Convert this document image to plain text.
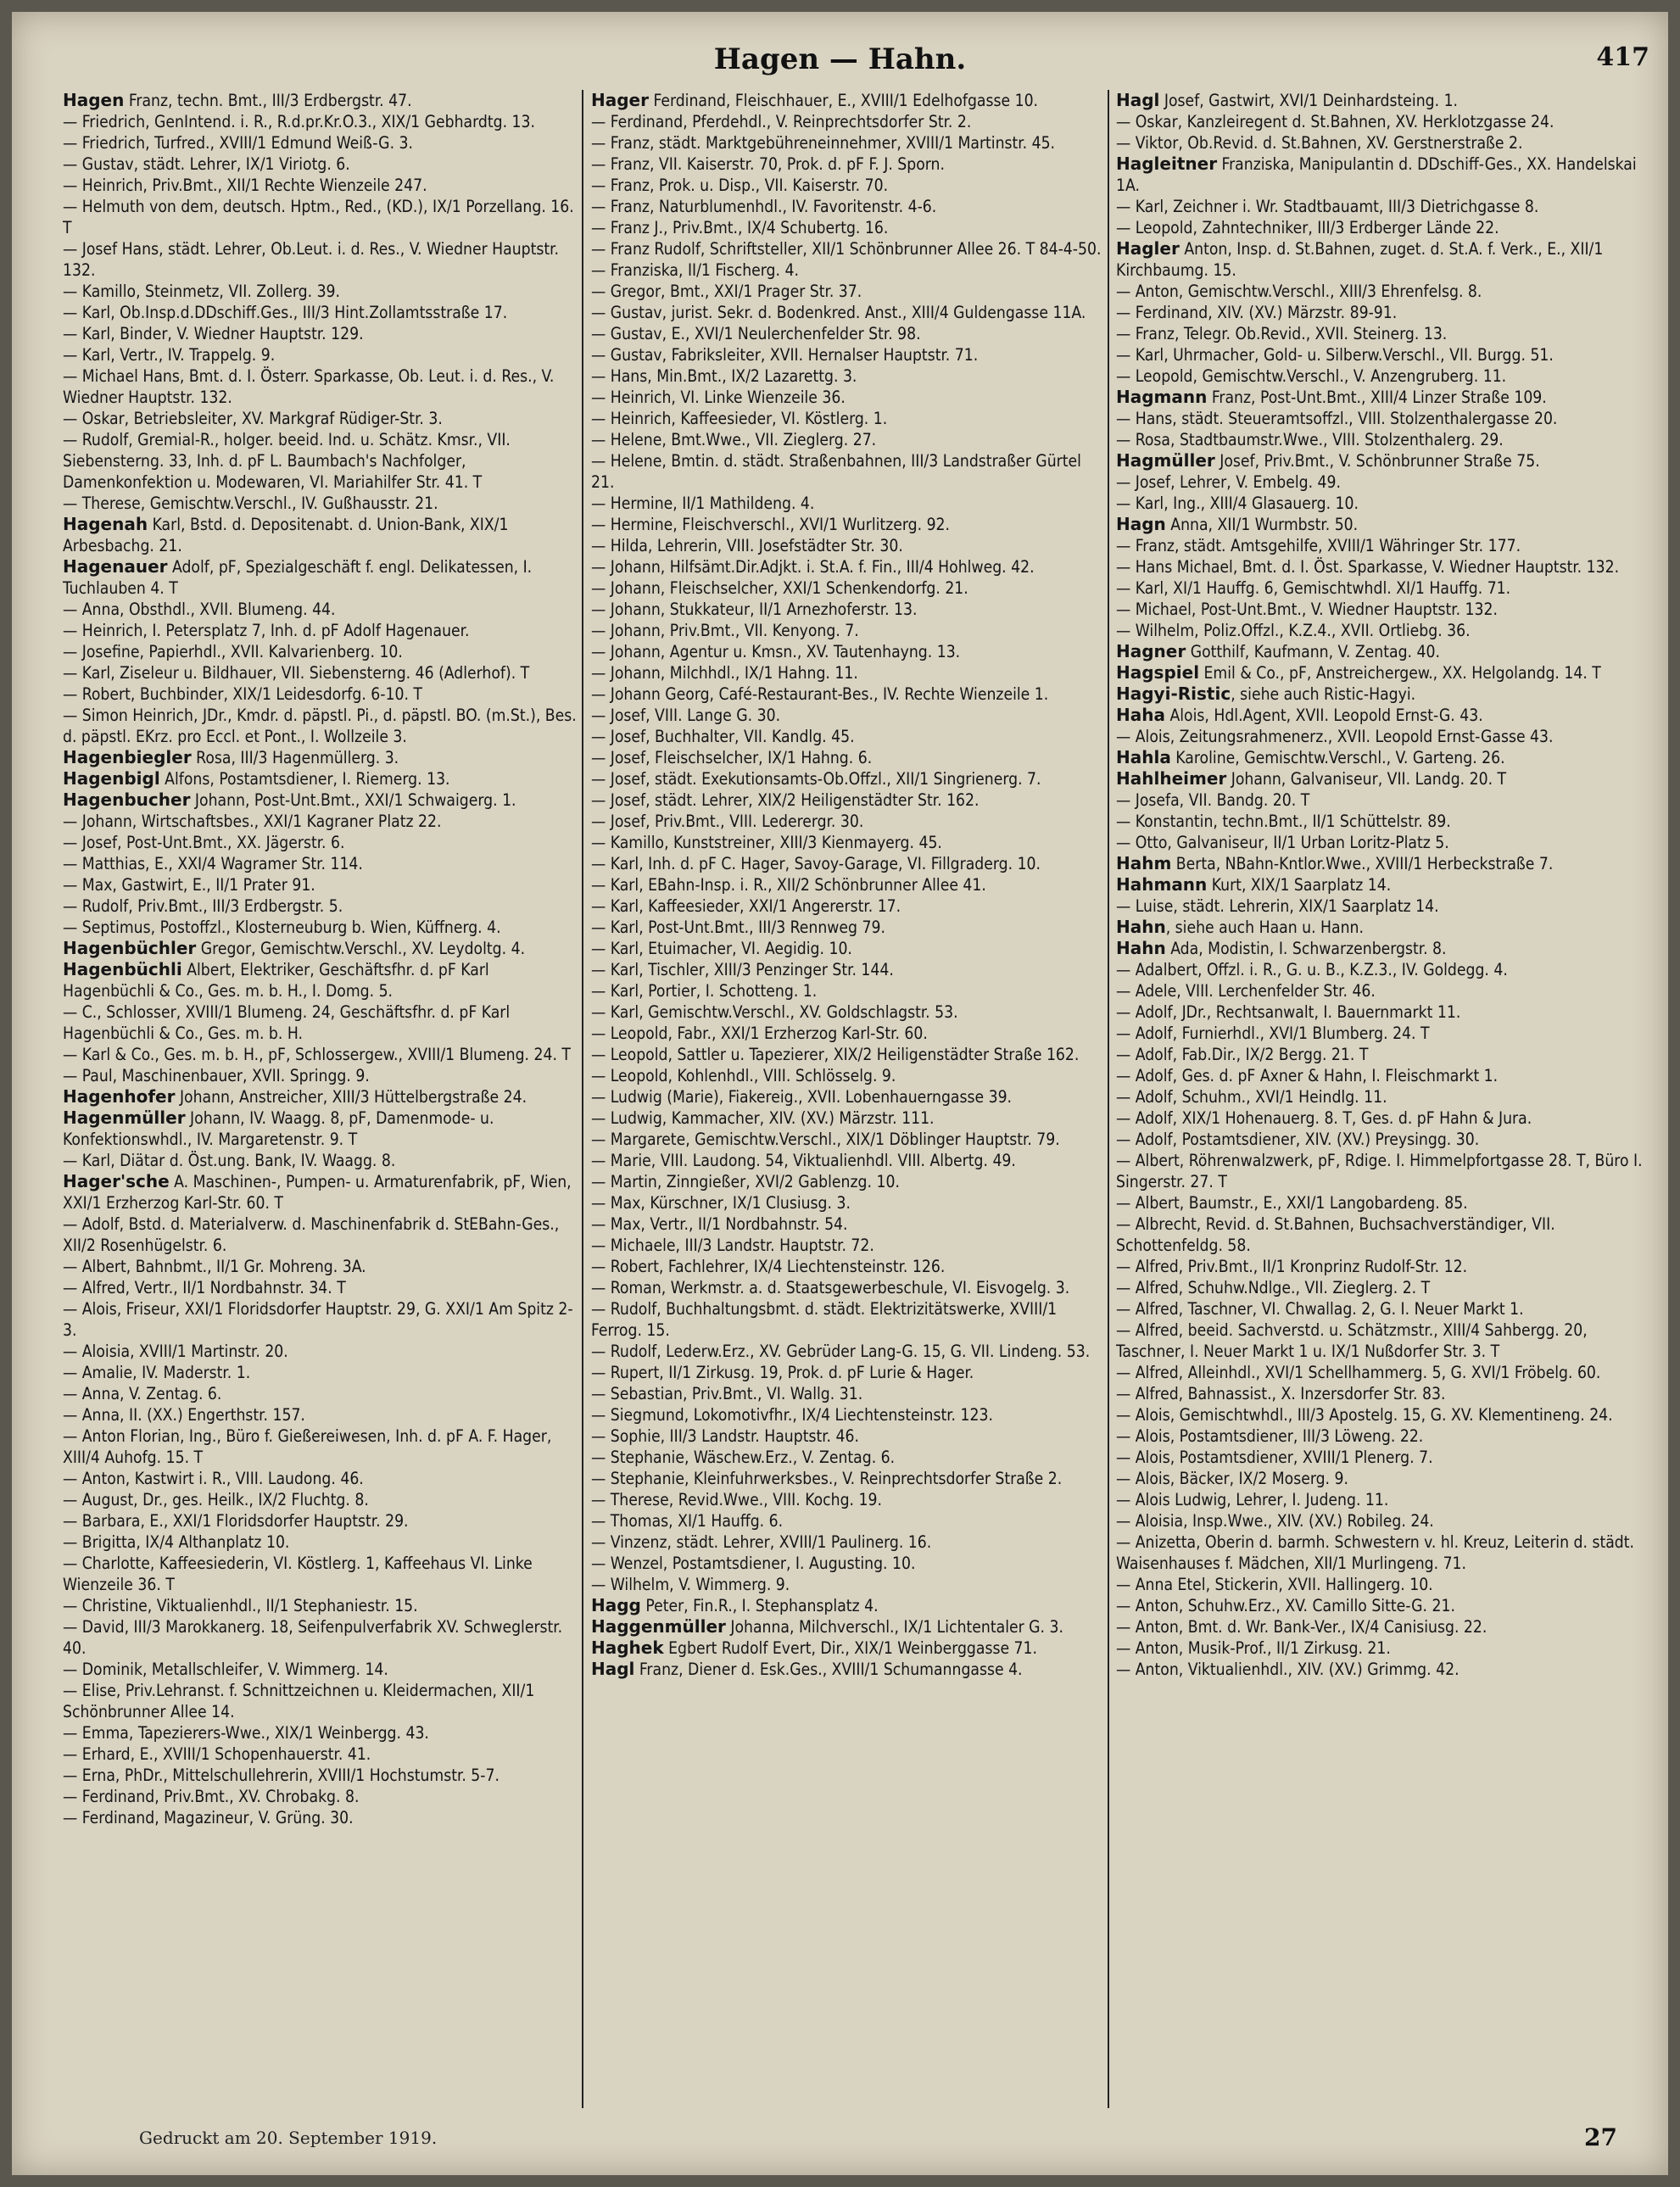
Hagen — Hahn.	417
Hagen Franz, techn. Bmt., III/3 Erdbergstr. 47.
— Friedrich, GenIntend. i. R., R.d.pr.Kr.O.3., XIX/1 Gebhardtg. 13.
— Friedrich, Turfred., XVIII/1 Edmund Weiß-G. 3.
— Gustav, städt. Lehrer, IX/1 Viriotg. 6.
— Heinrich, Priv.Bmt., XII/1 Rechte Wienzeile 247.
— Helmuth von dem, deutsch. Hptm., Red., (KD.), IX/1 Porzellang. 16. T
— Josef Hans, städt. Lehrer, Ob.Leut. i. d. Res., V. Wiedner Hauptstr. 132.
— Kamillo, Steinmetz, VII. Zollerg. 39.
— Karl, Ob.Insp.d.DDschiff.Ges., III/3 Hint.Zollamtsstraße 17.
— Karl, Binder, V. Wiedner Hauptstr. 129.
— Karl, Vertr., IV. Trappelg. 9.
— Michael Hans, Bmt. d. I. Österr. Sparkasse, Ob. Leut. i. d. Res., V. Wiedner Hauptstr. 132.
— Oskar, Betriebsleiter, XV. Markgraf Rüdiger-Str. 3.
— Rudolf, Gremial-R., holger. beeid. Ind. u. Schätz. Kmsr., VII. Siebensterng. 33, Inh. d. pF L. Baumbach's Nachfolger, Damenkonfektion u. Modewaren, VI. Mariahilfer Str. 41. T
— Therese, Gemischtw.Verschl., IV. Gußhausstr. 21.
Hagenah Karl, Bstd. d. Depositenabt. d. Union-Bank, XIX/1 Arbesbachg. 21.
Hagenauer Adolf, pF, Spezialgeschäft f. engl. Delikatessen, I. Tuchlauben 4. T
— Anna, Obsthdl., XVII. Blumeng. 44.
— Heinrich, I. Petersplatz 7, Inh. d. pF Adolf Hagenauer.
— Josefine, Papierhdl., XVII. Kalvarienberg. 10.
— Karl, Ziseleur u. Bildhauer, VII. Siebensterng. 46 (Adlerhof). T
— Robert, Buchbinder, XIX/1 Leidesdorfg. 6-10. T
— Simon Heinrich, JDr., Kmdr. d. päpstl. Pi., d. päpstl. BO. (m.St.), Bes. d. päpstl. EKrz. pro Eccl. et Pont., I. Wollzeile 3.
Hagenbiegler Rosa, III/3 Hagenmüllerg. 3.
Hagenbigl Alfons, Postamtsdiener, I. Riemerg. 13.
Hagenbucher Johann, Post-Unt.Bmt., XXI/1 Schwaigerg. 1.
— Johann, Wirtschaftsbes., XXI/1 Kagraner Platz 22.
— Josef, Post-Unt.Bmt., XX. Jägerstr. 6.
— Matthias, E., XXI/4 Wagramer Str. 114.
— Max, Gastwirt, E., II/1 Prater 91.
— Rudolf, Priv.Bmt., III/3 Erdbergstr. 5.
— Septimus, Postoffzl., Klosterneuburg b. Wien, Küffnerg. 4.
Hagenbüchler Gregor, Gemischtw.Verschl., XV. Leydoltg. 4.
Hagenbüchli Albert, Elektriker, Geschäftsfhr. d. pF Karl Hagenbüchli & Co., Ges. m. b. H., I. Domg. 5.
— C., Schlosser, XVIII/1 Blumeng. 24, Geschäftsfhr. d. pF Karl Hagenbüchli & Co., Ges. m. b. H.
— Karl & Co., Ges. m. b. H., pF, Schlossergew., XVIII/1 Blumeng. 24. T
— Paul, Maschinenbauer, XVII. Springg. 9.
Hagenhofer Johann, Anstreicher, XIII/3 Hüttelbergstraße 24.
Hagenmüller Johann, IV. Waagg. 8, pF, Damenmode- u. Konfektionswhdl., IV. Margaretenstr. 9. T
— Karl, Diätar d. Öst.ung. Bank, IV. Waagg. 8.
Hager'sche A. Maschinen-, Pumpen- u. Armaturenfabrik, pF, Wien, XXI/1 Erzherzog Karl-Str. 60. T
— Adolf, Bstd. d. Materialverw. d. Maschinenfabrik d. StEBahn-Ges., XII/2 Rosenhügelstr. 6.
— Albert, Bahnbmt., II/1 Gr. Mohreng. 3A.
— Alfred, Vertr., II/1 Nordbahnstr. 34. T
— Alois, Friseur, XXI/1 Floridsdorfer Hauptstr. 29, G. XXI/1 Am Spitz 2-3.
— Aloisia, XVIII/1 Martinstr. 20.
— Amalie, IV. Maderstr. 1.
— Anna, V. Zentag. 6.
— Anna, II. (XX.) Engerthstr. 157.
— Anton Florian, Ing., Büro f. Gießereiwesen, Inh. d. pF A. F. Hager, XIII/4 Auhofg. 15. T
— Anton, Kastwirt i. R., VIII. Laudong. 46.
— August, Dr., ges. Heilk., IX/2 Fluchtg. 8.
— Barbara, E., XXI/1 Floridsdorfer Hauptstr. 29.
— Brigitta, IX/4 Althanplatz 10.
— Charlotte, Kaffeesiederin, VI. Köstlerg. 1, Kaffeehaus VI. Linke Wienzeile 36. T
— Christine, Viktualienhdl., II/1 Stephaniestr. 15.
— David, III/3 Marokkanerg. 18, Seifenpulverfabrik XV. Schweglerstr. 40.
— Dominik, Metallschleifer, V. Wimmerg. 14.
— Elise, Priv.Lehranst. f. Schnittzeichnen u. Kleidermachen, XII/1 Schönbrunner Allee 14.
— Emma, Tapezierers-Wwe., XIX/1 Weinbergg. 43.
— Erhard, E., XVIII/1 Schopenhauerstr. 41.
— Erna, PhDr., Mittelschullehrerin, XVIII/1 Hochstumstr. 5-7.
— Ferdinand, Priv.Bmt., XV. Chrobakg. 8.
— Ferdinand, Magazineur, V. Grüng. 30.
Hager Ferdinand, Fleischhauer, E., XVIII/1 Edelhofgasse 10.
— Ferdinand, Pferdehdl., V. Reinprechtsdorfer Str. 2.
— Franz, städt. Marktgebühreneinnehmer, XVIII/1 Martinstr. 45.
— Franz, VII. Kaiserstr. 70, Prok. d. pF F. J. Sporn.
— Franz, Prok. u. Disp., VII. Kaiserstr. 70.
— Franz, Naturblumenhdl., IV. Favoritenstr. 4-6.
— Franz J., Priv.Bmt., IX/4 Schubertg. 16.
— Franz Rudolf, Schriftsteller, XII/1 Schönbrunner Allee 26. T 84-4-50.
— Franziska, II/1 Fischerg. 4.
— Gregor, Bmt., XXI/1 Prager Str. 37.
— Gustav, jurist. Sekr. d. Bodenkred. Anst., XIII/4 Guldengasse 11A.
— Gustav, E., XVI/1 Neulerchenfelder Str. 98.
— Gustav, Fabriksleiter, XVII. Hernalser Hauptstr. 71.
— Hans, Min.Bmt., IX/2 Lazarettg. 3.
— Heinrich, VI. Linke Wienzeile 36.
— Heinrich, Kaffeesieder, VI. Köstlerg. 1.
— Helene, Bmt.Wwe., VII. Zieglerg. 27.
— Helene, Bmtin. d. städt. Straßenbahnen, III/3 Landstraßer Gürtel 21.
— Hermine, II/1 Mathildeng. 4.
— Hermine, Fleischverschl., XVI/1 Wurlitzerg. 92.
— Hilda, Lehrerin, VIII. Josefstädter Str. 30.
— Johann, Hilfsämt.Dir.Adjkt. i. St.A. f. Fin., III/4 Hohlweg. 42.
— Johann, Fleischselcher, XXI/1 Schenkendorfg. 21.
— Johann, Stukkateur, II/1 Arnezhoferstr. 13.
— Johann, Priv.Bmt., VII. Kenyong. 7.
— Johann, Agentur u. Kmsn., XV. Tautenhayng. 13.
— Johann, Milchhdl., IX/1 Hahng. 11.
— Johann Georg, Café-Restaurant-Bes., IV. Rechte Wienzeile 1.
— Josef, VIII. Lange G. 30.
— Josef, Buchhalter, VII. Kandlg. 45.
— Josef, Fleischselcher, IX/1 Hahng. 6.
— Josef, städt. Exekutionsamts-Ob.Offzl., XII/1 Singrienerg. 7.
— Josef, städt. Lehrer, XIX/2 Heiligenstädter Str. 162.
— Josef, Priv.Bmt., VIII. Lederergr. 30.
— Kamillo, Kunststreiner, XIII/3 Kienmayerg. 45.
— Karl, Inh. d. pF C. Hager, Savoy-Garage, VI. Fillgraderg. 10.
— Karl, EBahn-Insp. i. R., XII/2 Schönbrunner Allee 41.
— Karl, Kaffeesieder, XXI/1 Angererstr. 17.
— Karl, Post-Unt.Bmt., III/3 Rennweg 79.
— Karl, Etuimacher, VI. Aegidig. 10.
— Karl, Tischler, XIII/3 Penzinger Str. 144.
— Karl, Portier, I. Schotteng. 1.
— Karl, Gemischtw.Verschl., XV. Goldschlagstr. 53.
— Leopold, Fabr., XXI/1 Erzherzog Karl-Str. 60.
— Leopold, Sattler u. Tapezierer, XIX/2 Heiligenstädter Straße 162.
— Leopold, Kohlenhdl., VIII. Schlösselg. 9.
— Ludwig (Marie), Fiakereig., XVII. Lobenhauerngasse 39.
— Ludwig, Kammacher, XIV. (XV.) Märzstr. 111.
— Margarete, Gemischtw.Verschl., XIX/1 Döblinger Hauptstr. 79.
— Marie, VIII. Laudong. 54, Viktualienhdl. VIII. Albertg. 49.
— Martin, Zinngießer, XVI/2 Gablenzg. 10.
— Max, Kürschner, IX/1 Clusiusg. 3.
— Max, Vertr., II/1 Nordbahnstr. 54.
— Michaele, III/3 Landstr. Hauptstr. 72.
— Robert, Fachlehrer, IX/4 Liechtensteinstr. 126.
— Roman, Werkmstr. a. d. Staatsgewerbeschule, VI. Eisvogelg. 3.
— Rudolf, Buchhaltungsbmt. d. städt. Elektrizitätswerke, XVIII/1 Ferrog. 15.
— Rudolf, Lederw.Erz., XV. Gebrüder Lang-G. 15, G. VII. Lindeng. 53.
— Rupert, II/1 Zirkusg. 19, Prok. d. pF Lurie & Hager.
— Sebastian, Priv.Bmt., VI. Wallg. 31.
— Siegmund, Lokomotivfhr., IX/4 Liechtensteinstr. 123.
— Sophie, III/3 Landstr. Hauptstr. 46.
— Stephanie, Wäschew.Erz., V. Zentag. 6.
— Stephanie, Kleinfuhrwerksbes., V. Reinprechtsdorfer Straße 2.
— Therese, Revid.Wwe., VIII. Kochg. 19.
— Thomas, XI/1 Hauffg. 6.
— Vinzenz, städt. Lehrer, XVIII/1 Paulinerg. 16.
— Wenzel, Postamtsdiener, I. Augusting. 10.
— Wilhelm, V. Wimmerg. 9.
Hagg Peter, Fin.R., I. Stephansplatz 4.
Haggenmüller Johanna, Milchverschl., IX/1 Lichtentaler G. 3.
Haghek Egbert Rudolf Evert, Dir., XIX/1 Weinberggasse 71.
Hagl Franz, Diener d. Esk.Ges., XVIII/1 Schumanngasse 4.
Hagl Josef, Gastwirt, XVI/1 Deinhardsteing. 1.
— Oskar, Kanzleiregent d. St.Bahnen, XV. Herklotzgasse 24.
— Viktor, Ob.Revid. d. St.Bahnen, XV. Gerstnerstraße 2.
Hagleitner Franziska, Manipulantin d. DDschiff-Ges., XX. Handelskai 1A.
— Karl, Zeichner i. Wr. Stadtbauamt, III/3 Dietrichgasse 8.
— Leopold, Zahntechniker, III/3 Erdberger Lände 22.
Hagler Anton, Insp. d. St.Bahnen, zuget. d. St.A. f. Verk., E., XII/1 Kirchbaumg. 15.
— Anton, Gemischtw.Verschl., XIII/3 Ehrenfelsg. 8.
— Ferdinand, XIV. (XV.) Märzstr. 89-91.
— Franz, Telegr. Ob.Revid., XVII. Steinerg. 13.
— Karl, Uhrmacher, Gold- u. Silberw.Verschl., VII. Burgg. 51.
— Leopold, Gemischtw.Verschl., V. Anzengruberg. 11.
Hagmann Franz, Post-Unt.Bmt., XIII/4 Linzer Straße 109.
— Hans, städt. Steueramtsoffzl., VIII. Stolzenthalergasse 20.
— Rosa, Stadtbaumstr.Wwe., VIII. Stolzenthalerg. 29.
Hagmüller Josef, Priv.Bmt., V. Schönbrunner Straße 75.
— Josef, Lehrer, V. Embelg. 49.
— Karl, Ing., XIII/4 Glasauerg. 10.
Hagn Anna, XII/1 Wurmbstr. 50.
— Franz, städt. Amtsgehilfe, XVIII/1 Währinger Str. 177.
— Hans Michael, Bmt. d. I. Öst. Sparkasse, V. Wiedner Hauptstr. 132.
— Karl, XI/1 Hauffg. 6, Gemischtwhdl. XI/1 Hauffg. 71.
— Michael, Post-Unt.Bmt., V. Wiedner Hauptstr. 132.
— Wilhelm, Poliz.Offzl., K.Z.4., XVII. Ortliebg. 36.
Hagner Gotthilf, Kaufmann, V. Zentag. 40.
Hagspiel Emil & Co., pF, Anstreichergew., XX. Helgolandg. 14. T
Hagyi-Ristic, siehe auch Ristic-Hagyi.
Haha Alois, Hdl.Agent, XVII. Leopold Ernst-G. 43.
— Alois, Zeitungsrahmenerz., XVII. Leopold Ernst-Gasse 43.
Hahla Karoline, Gemischtw.Verschl., V. Garteng. 26.
Hahlheimer Johann, Galvaniseur, VII. Landg. 20. T
— Josefa, VII. Bandg. 20. T
— Konstantin, techn.Bmt., II/1 Schüttelstr. 89.
— Otto, Galvaniseur, II/1 Urban Loritz-Platz 5.
Hahm Berta, NBahn-Kntlor.Wwe., XVIII/1 Herbeckstraße 7.
Hahmann Kurt, XIX/1 Saarplatz 14.
— Luise, städt. Lehrerin, XIX/1 Saarplatz 14.
Hahn, siehe auch Haan u. Hann.
Hahn Ada, Modistin, I. Schwarzenbergstr. 8.
— Adalbert, Offzl. i. R., G. u. B., K.Z.3., IV. Goldegg. 4.
— Adele, VIII. Lerchenfelder Str. 46.
— Adolf, JDr., Rechtsanwalt, I. Bauernmarkt 11.
— Adolf, Furnierhdl., XVI/1 Blumberg. 24. T
— Adolf, Fab.Dir., IX/2 Bergg. 21. T
— Adolf, Ges. d. pF Axner & Hahn, I. Fleischmarkt 1.
— Adolf, Schuhm., XVI/1 Heindlg. 11.
— Adolf, XIX/1 Hohenauerg. 8. T, Ges. d. pF Hahn & Jura.
— Adolf, Postamtsdiener, XIV. (XV.) Preysingg. 30.
— Albert, Röhrenwalzwerk, pF, Rdige. I. Himmelpfortgasse 28. T, Büro I. Singerstr. 27. T
— Albert, Baumstr., E., XXI/1 Langobardeng. 85.
— Albrecht, Revid. d. St.Bahnen, Buchsachverständiger, VII. Schottenfeldg. 58.
— Alfred, Priv.Bmt., II/1 Kronprinz Rudolf-Str. 12.
— Alfred, Schuhw.Ndlge., VII. Zieglerg. 2. T
— Alfred, Taschner, VI. Chwallag. 2, G. I. Neuer Markt 1.
— Alfred, beeid. Sachverstd. u. Schätzmstr., XIII/4 Sahbergg. 20, Taschner, I. Neuer Markt 1 u. IX/1 Nußdorfer Str. 3. T
— Alfred, Alleinhdl., XVI/1 Schellhammerg. 5, G. XVI/1 Fröbelg. 60.
— Alfred, Bahnassist., X. Inzersdorfer Str. 83.
— Alois, Gemischtwhdl., III/3 Apostelg. 15, G. XV. Klementineng. 24.
— Alois, Postamtsdiener, III/3 Löweng. 22.
— Alois, Postamtsdiener, XVIII/1 Plenerg. 7.
— Alois, Bäcker, IX/2 Moserg. 9.
— Alois Ludwig, Lehrer, I. Judeng. 11.
— Aloisia, Insp.Wwe., XIV. (XV.) Robileg. 24.
— Anizetta, Oberin d. barmh. Schwestern v. hl. Kreuz, Leiterin d. städt. Waisenhauses f. Mädchen, XII/1 Murlingeng. 71.
— Anna Etel, Stickerin, XVII. Hallingerg. 10.
— Anton, Schuhw.Erz., XV. Camillo Sitte-G. 21.
— Anton, Bmt. d. Wr. Bank-Ver., IX/4 Canisiusg. 22.
— Anton, Musik-Prof., II/1 Zirkusg. 21.
— Anton, Viktualienhdl., XIV. (XV.) Grimmg. 42.
Gedruckt am 20. September 1919.	27
